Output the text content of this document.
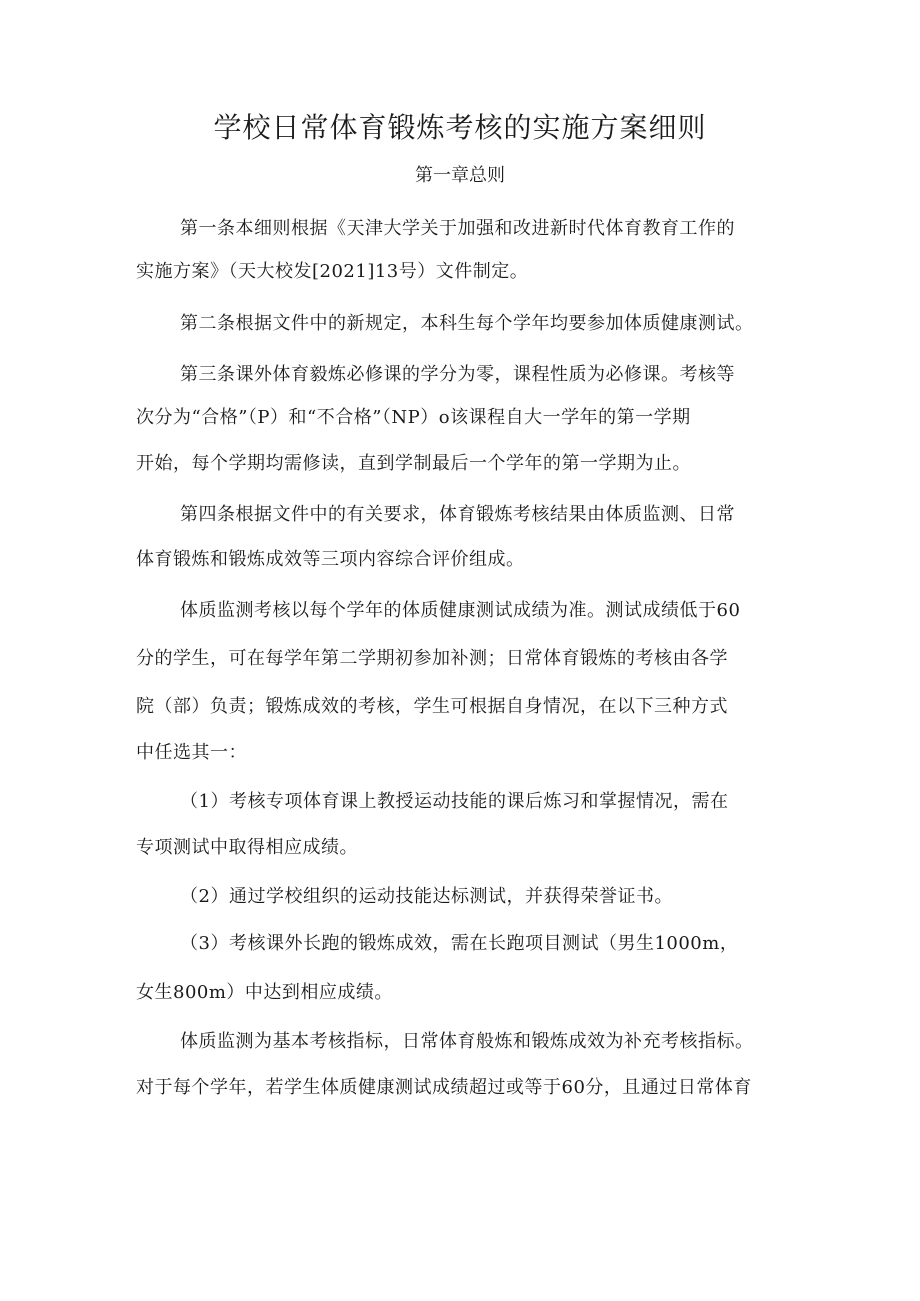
学校日常体育锻炼考核的实施方案细则
第一章总则
第一条本细则根据《天津大学关于加强和改进新时代体育教育工作的
实施方案》（天大校发[2021]13号）文件制定。
第二条根据文件中的新规定，本科生每个学年均要参加体质健康测试。
第三条课外体育毅炼必修课的学分为零，课程性质为必修课。考核等
次分为“合格”（P）和“不合格”（NP）o该课程自大一学年的第一学期
开始，每个学期均需修读，直到学制最后一个学年的第一学期为止。
第四条根据文件中的有关要求，体育锻炼考核结果由体质监测、日常
体育锻炼和锻炼成效等三项内容综合评价组成。
体质监测考核以每个学年的体质健康测试成绩为准。测试成绩低于60
分的学生，可在每学年第二学期初参加补测；日常体育锻炼的考核由各学
院（部）负责；锻炼成效的考核，学生可根据自身情况，在以下三种方式
中任选其一：
（1）考核专项体育课上教授运动技能的课后炼习和掌握情况，需在
专项测试中取得相应成绩。
（2）通过学校组织的运动技能达标测试，并获得荣誉证书。
（3）考核课外长跑的锻炼成效，需在长跑项目测试（男生1000m，
女生800m）中达到相应成绩。
体质监测为基本考核指标，日常体育般炼和锻炼成效为补充考核指标。
对于每个学年，若学生体质健康测试成绩超过或等于60分，且通过日常体育
